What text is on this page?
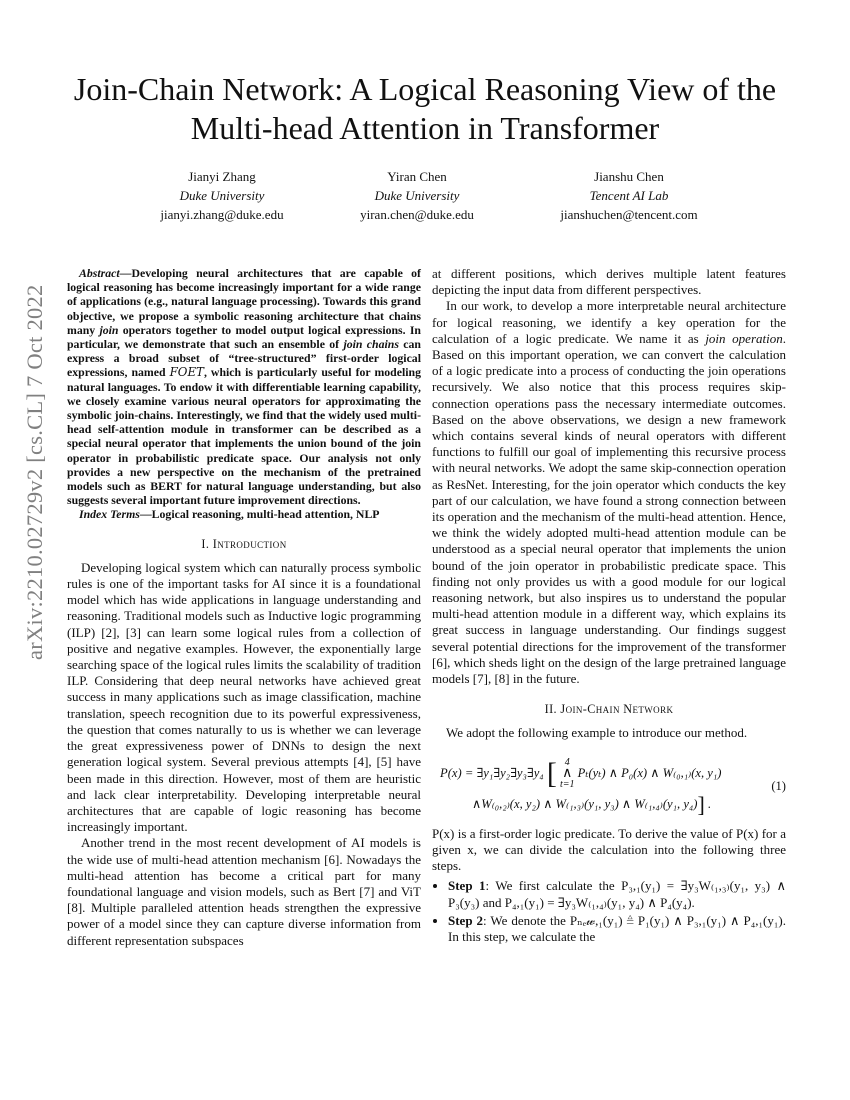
arXiv:2210.02729v2 [cs.CL] 7 Oct 2022
Join-Chain Network: A Logical Reasoning View of the Multi-head Attention in Transformer
Jianyi Zhang
Duke University
jianyi.zhang@duke.edu
Yiran Chen
Duke University
yiran.chen@duke.edu
Jianshu Chen
Tencent AI Lab
jianshuchen@tencent.com

Abstract—Developing neural architectures that are capable of logical reasoning has become increasingly important for a wide range of applications (e.g., natural language processing). Towards this grand objective, we propose a symbolic reasoning architecture that chains many join operators together to model output logical expressions. In particular, we demonstrate that such an ensemble of join chains can express a broad subset of “tree-structured” first-order logical expressions, named FOET, which is particularly useful for modeling natural languages. To endow it with differentiable learning capability, we closely examine various neural operators for approximating the symbolic join-chains. Interestingly, we find that the widely used multi-head self-attention module in transformer can be described as a special neural operator that implements the union bound of the join operator in probabilistic predicate space. Our analysis not only provides a new perspective on the mechanism of the pretrained models such as BERT for natural language understanding, but also suggests several important future improvement directions.

Index Terms—Logical reasoning, multi-head attention, NLP

I. Introduction

Developing logical system which can naturally process symbolic rules is one of the important tasks for AI since it is a foundational model which has wide applications in language understanding and reasoning. Traditional models such as Inductive logic programming (ILP) [2], [3] can learn some logical rules from a collection of positive and negative examples. However, the exponentially large searching space of the logical rules limits the scalability of tradition ILP. Considering that deep neural networks have achieved great success in many applications such as image classification, machine translation, speech recognition due to its powerful expressiveness, the question that comes naturally to us is whether we can leverage the great expressiveness power of DNNs to design the next generation logical system. Several previous attempts [4], [5] have been made in this direction. However, most of them are heuristic and lack clear interpretability. Developing interpretable neural architectures that are capable of logic reasoning has become increasingly important.

Another trend in the most recent development of AI models is the wide use of multi-head attention mechanism [6]. Nowadays the multi-head attention has become a critical part for many foundational language and vision models, such as Bert [7] and ViT [8]. Multiple paralleled attention heads strengthen the expressive power of a model since they can capture diverse information from different representation subspaces

at different positions, which derives multiple latent features depicting the input data from different perspectives.

In our work, to develop a more interpretable neural architecture for logical reasoning, we identify a key operation for the calculation of a logic predicate. We name it as join operation. Based on this important operation, we can convert the calculation of a logic predicate into a process of conducting the join operations recursively. We also notice that this process requires skip-connection operations pass the necessary intermediate outcomes. Based on the above observations, we design a new framework which contains several kinds of neural operators with different functions to fulfill our goal of implementing this recursive process with neural networks. We adopt the same skip-connection operation as ResNet. Interesting, for the join operator which conducts the key part of our calculation, we have found a strong connection between its operation and the mechanism of the multi-head attention. Hence, we think the widely adopted multi-head attention module can be understood as a special neural operator that implements the union bound of the join operator in probabilistic predicate space. This finding not only provides us with a good module for our logical reasoning network, but also inspires us to understand the popular multi-head attention module in a different way, which explains its great success in language understanding. Our findings suggest several potential directions for the improvement of the transformer [6], which sheds light on the design of the large pretrained language models [7], [8] in the future.

II. Join-Chain Network

We adopt the following example to introduce our method.

P(x) = ∃y₁∃y₂∃y₃∃y₄ [ 4
∧
t=1
Pₜ(yₜ) ∧ P₀(x) ∧ W₍₀,₁₎(x, y₁)
∧W₍₀,₂₎(x, y₂) ∧ W₍₁,₃₎(y₁, y₃) ∧ W₍₁,₄₎(y₁, y₄)] .
(1)

P(x) is a first-order logic predicate. To derive the value of P(x) for a given x, we can divide the calculation into the following three steps.

• Step 1: We first calculate the P₃,₁(y₁) = ∃y₃W₍₁,₃₎(y₁, y₃) ∧ P₃(y₃) and P₄,₁(y₁) = ∃y₃W₍₁,₄₎(y₁, y₄) ∧ P₄(y₄).
• Step 2: We denote the Pₙₑ𝓌,₁(y₁) ≜ P₁(y₁) ∧ P₃,₁(y₁) ∧ P₄,₁(y₁). In this step, we calculate the
